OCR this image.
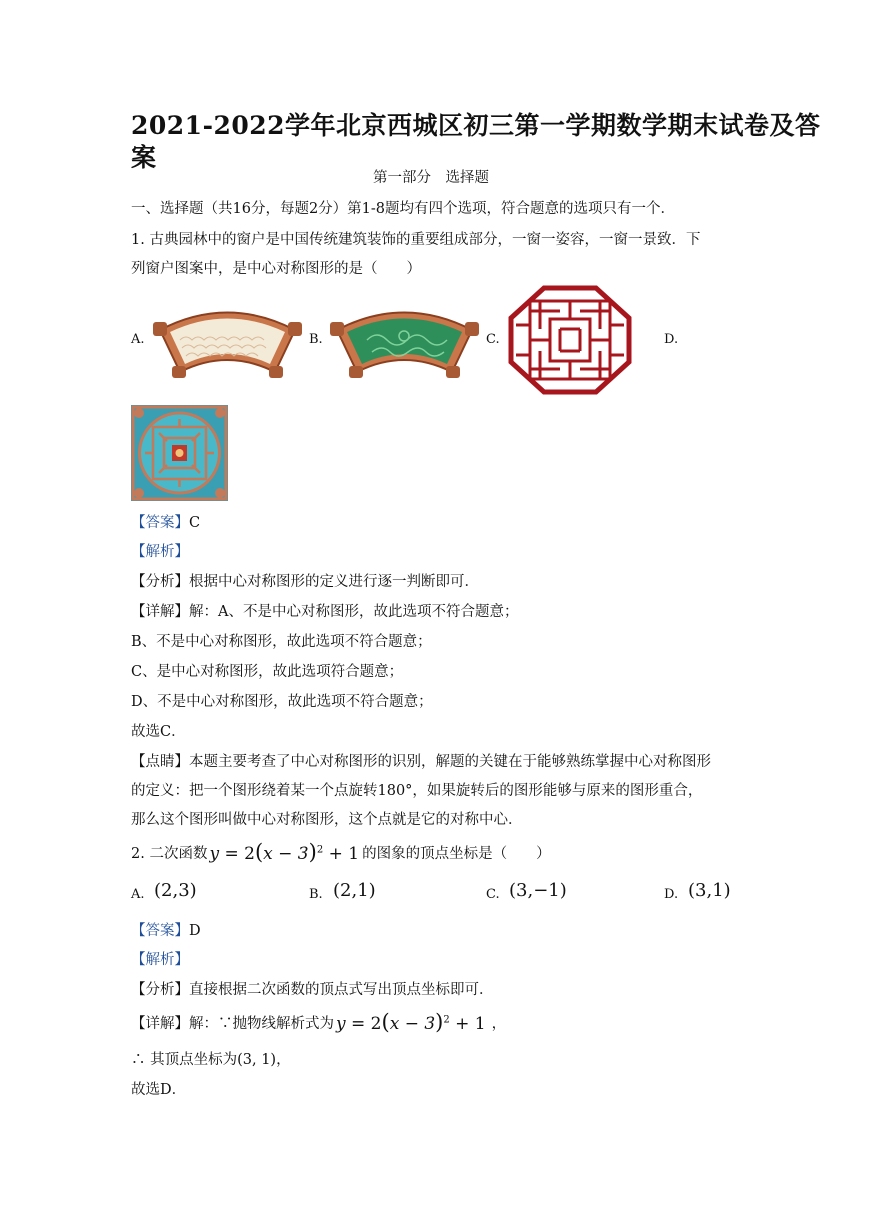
2021-2022学年北京西城区初三第一学期数学期末试卷及答
案
第一部分　选择题
一、选择题（共16分，每题2分）第1-8题均有四个选项，符合题意的选项只有一个．
1. 古典园林中的窗户是中国传统建筑装饰的重要组成部分，一窗一姿容，一窗一景致．下
列窗户图案中，是中心对称图形的是（　　）
A.	B.	C.	D.
【答案】C
【解析】
【分析】根据中心对称图形的定义进行逐一判断即可．
【详解】解：A、不是中心对称图形，故此选项不符合题意；
B、不是中心对称图形，故此选项不符合题意；
C、是中心对称图形，故此选项符合题意；
D、不是中心对称图形，故此选项不符合题意；
故选C．
【点睛】本题主要考查了中心对称图形的识别，解题的关键在于能够熟练掌握中心对称图形
的定义：把一个图形绕着某一个点旋转180°，如果旋转后的图形能够与原来的图形重合，
那么这个图形叫做中心对称图形，这个点就是它的对称中心．
2. 二次函数 $y = 2(x - 3)^2 + 1$ 的图象的顶点坐标是（　　）
A. (2,3)	B. (2,1)	C. (3,−1)	D. (3,1)
【答案】D
【解析】
【分析】直接根据二次函数的顶点式写出顶点坐标即可．
【详解】 解：∵抛物线解析式为 $y = 2(x - 3)^2 + 1$ ，
∴ 其顶点坐标为(3, 1)，
故选D．
